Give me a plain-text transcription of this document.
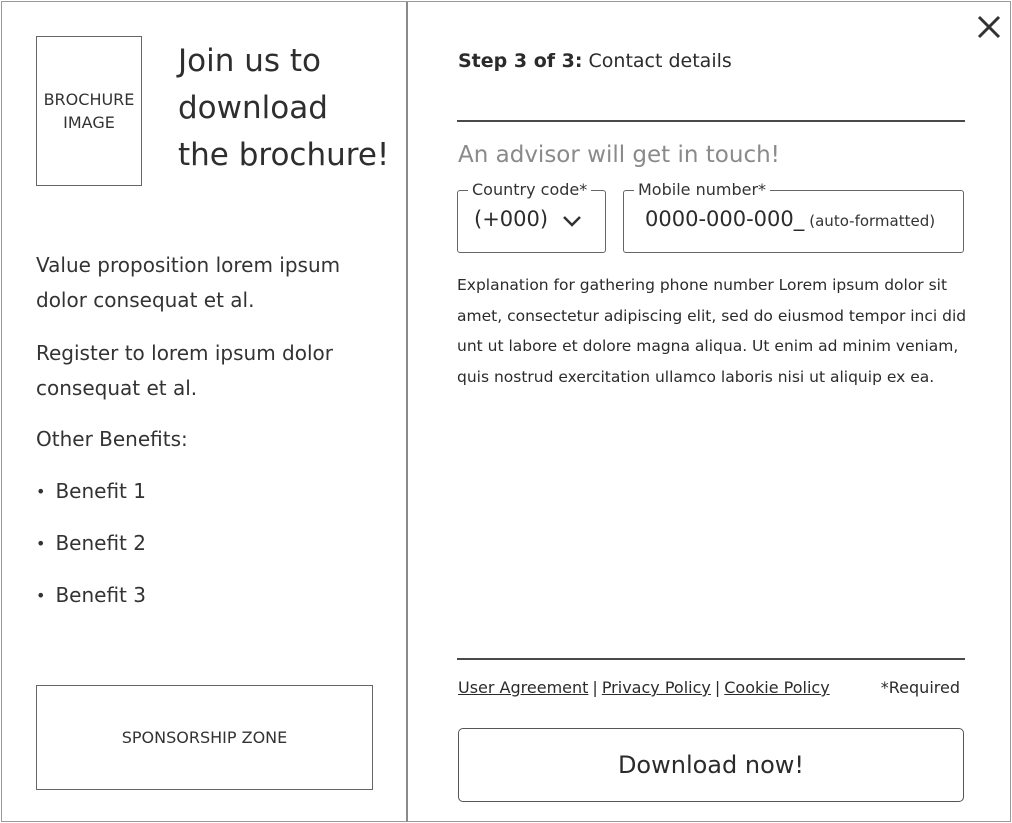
BROCHURE
IMAGE
Join us to
download
the brochure!
Value proposition lorem ipsum
dolor consequat et al.
Register to lorem ipsum dolor
consequat et al.
Other Benefits:
• Benefit 1
• Benefit 2
• Benefit 3
SPONSORSHIP ZONE
Step 3 of 3: Contact details
An advisor will get in touch!
Country code*
(+000)
Mobile number*
0000-000-000_ (auto-formatted)
Explanation for gathering phone number Lorem ipsum dolor sit amet, consectetur adipiscing elit, sed do eiusmod tempor inci did unt ut labore et dolore magna aliqua. Ut enim ad minim veniam, quis nostrud exercitation ullamco laboris nisi ut aliquip ex ea.
User Agreement | Privacy Policy | Cookie Policy	*Required
Download now!
